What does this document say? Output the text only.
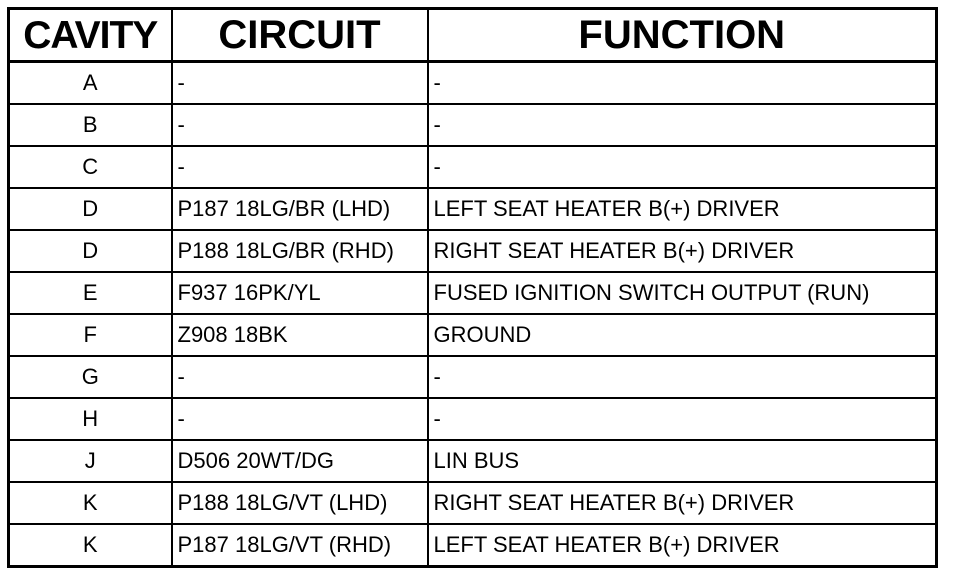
CAVITY	CIRCUIT	FUNCTION
A	-	-
B	-	-
C	-	-
D	P187 18LG/BR (LHD)	LEFT SEAT HEATER B(+) DRIVER
D	P188 18LG/BR (RHD)	RIGHT SEAT HEATER B(+) DRIVER
E	F937 16PK/YL	FUSED IGNITION SWITCH OUTPUT (RUN)
F	Z908 18BK	GROUND
G	-	-
H	-	-
J	D506 20WT/DG	LIN BUS
K	P188 18LG/VT (LHD)	RIGHT SEAT HEATER B(+) DRIVER
K	P187 18LG/VT (RHD)	LEFT SEAT HEATER B(+) DRIVER
